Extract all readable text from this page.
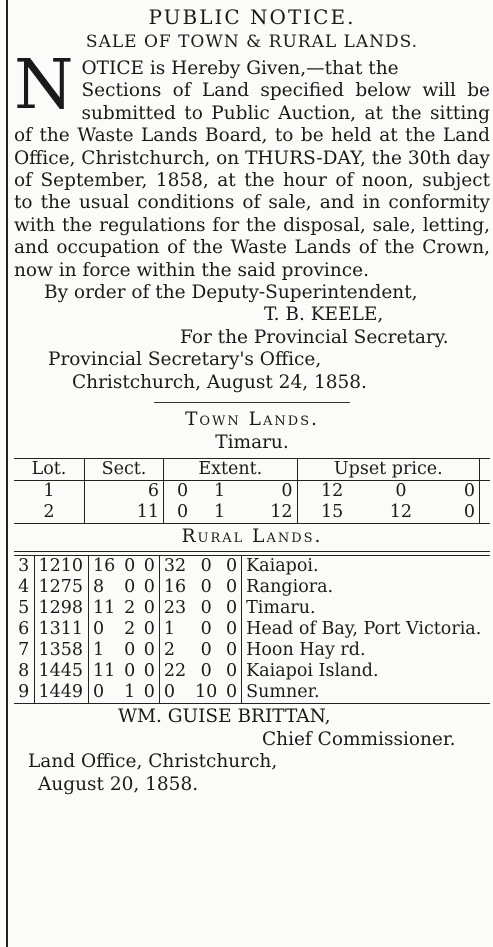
PUBLIC NOTICE.
SALE OF TOWN & RURAL LANDS.
N OTICE is Hereby Given,—that the
Sections of Land specified below will be submitted to Public Auction, at the sitting of the Waste Lands Board, to be held at the Land Office, Christchurch, on THURS-DAY, the 30th day of September, 1858, at the hour of noon, subject to the usual conditions of sale, and in conformity with the regulations for the disposal, sale, letting, and occupation of the Waste Lands of the Crown, now in force within the said province.
By order of the Deputy-Superintendent,
T. B. KEELE,
For the Provincial Secretary.
Provincial Secretary's Office,
Christchurch, August 24, 1858.
Town Lands.
Timaru.
Lot.	Sect.	Extent.			Upset price.			
1	6	0	1	0	12	0	0	
2	11	0	1	12	15	12	0	
Rural Lands.
3	1210	16	0	0	32	0	0	Kaiapoi.
4	1275	8	0	0	16	0	0	Rangiora.
5	1298	11	2	0	23	0	0	Timaru.
6	1311	0	2	0	1	0	0	Head of Bay, Port Victoria.
7	1358	1	0	0	2	0	0	Hoon Hay rd.
8	1445	11	0	0	22	0	0	Kaiapoi Island.
9	1449	0	1	0	0	10	0	Sumner.
WM. GUISE BRITTAN,
Chief Commissioner.
Land Office, Christchurch,
August 20, 1858.
